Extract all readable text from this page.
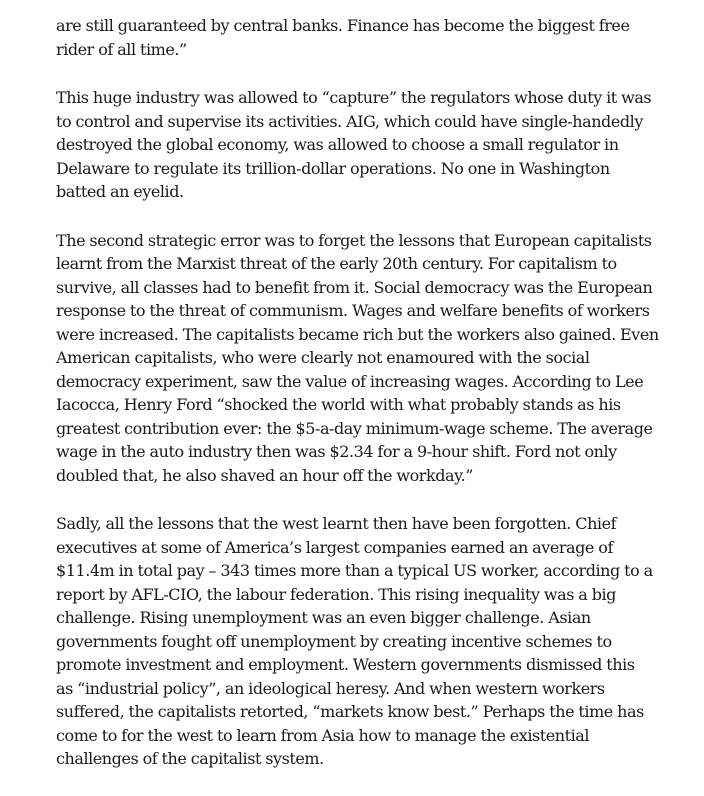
are still guaranteed by central banks. Finance has become the biggest free
rider of all time.”

This huge industry was allowed to “capture” the regulators whose duty it was
to control and supervise its activities. AIG, which could have single-handedly
destroyed the global economy, was allowed to choose a small regulator in
Delaware to regulate its trillion-dollar operations. No one in Washington
batted an eyelid.

The second strategic error was to forget the lessons that European capitalists
learnt from the Marxist threat of the early 20th century. For capitalism to
survive, all classes had to benefit from it. Social democracy was the European
response to the threat of communism. Wages and welfare benefits of workers
were increased. The capitalists became rich but the workers also gained. Even
American capitalists, who were clearly not enamoured with the social
democracy experiment, saw the value of increasing wages. According to Lee
Iacocca, Henry Ford “shocked the world with what probably stands as his
greatest contribution ever: the $5-a-day minimum-wage scheme. The average
wage in the auto industry then was $2.34 for a 9-hour shift. Ford not only
doubled that, he also shaved an hour off the workday.”

Sadly, all the lessons that the west learnt then have been forgotten. Chief
executives at some of America’s largest companies earned an average of
$11.4m in total pay – 343 times more than a typical US worker, according to a
report by AFL-CIO, the labour federation. This rising inequality was a big
challenge. Rising unemployment was an even bigger challenge. Asian
governments fought off unemployment by creating incentive schemes to
promote investment and employment. Western governments dismissed this
as “industrial policy”, an ideological heresy. And when western workers
suffered, the capitalists retorted, “markets know best.” Perhaps the time has
come to for the west to learn from Asia how to manage the existential
challenges of the capitalist system.
